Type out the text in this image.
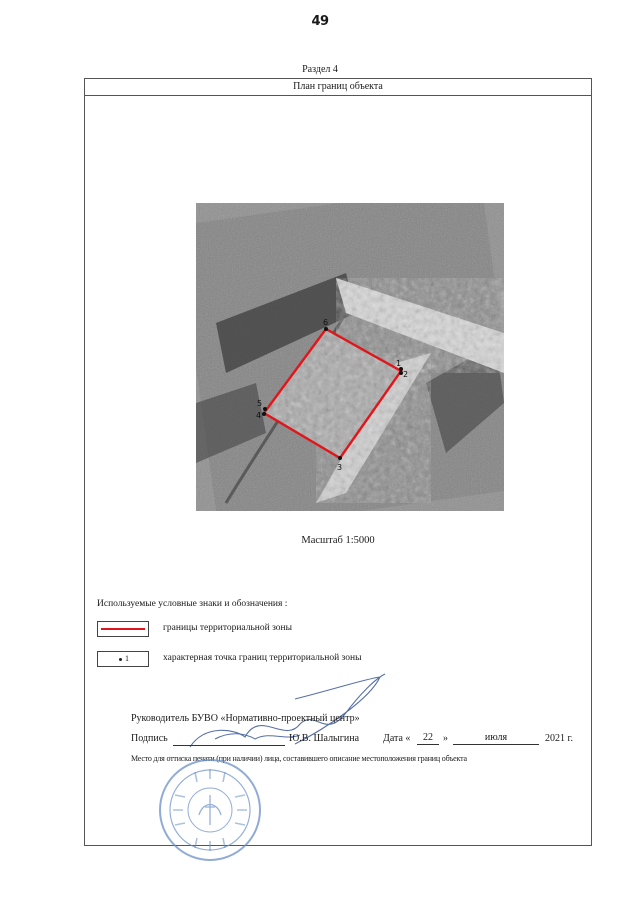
49
Раздел 4
План границ объекта
1
2
3
4
5
6
Масштаб 1:5000
Используемые условные знаки и обозначения :
границы территориальной зоны
1	характерная точка границ территориальной зоны
Руководитель БУВО «Нормативно-проектный центр»
Подпись	Ю.В. Шалыгина Дата «	22	»	июля	2021 г.
Место для оттиска печати (при наличии) лица, составившего описание местоположения границ объекта
